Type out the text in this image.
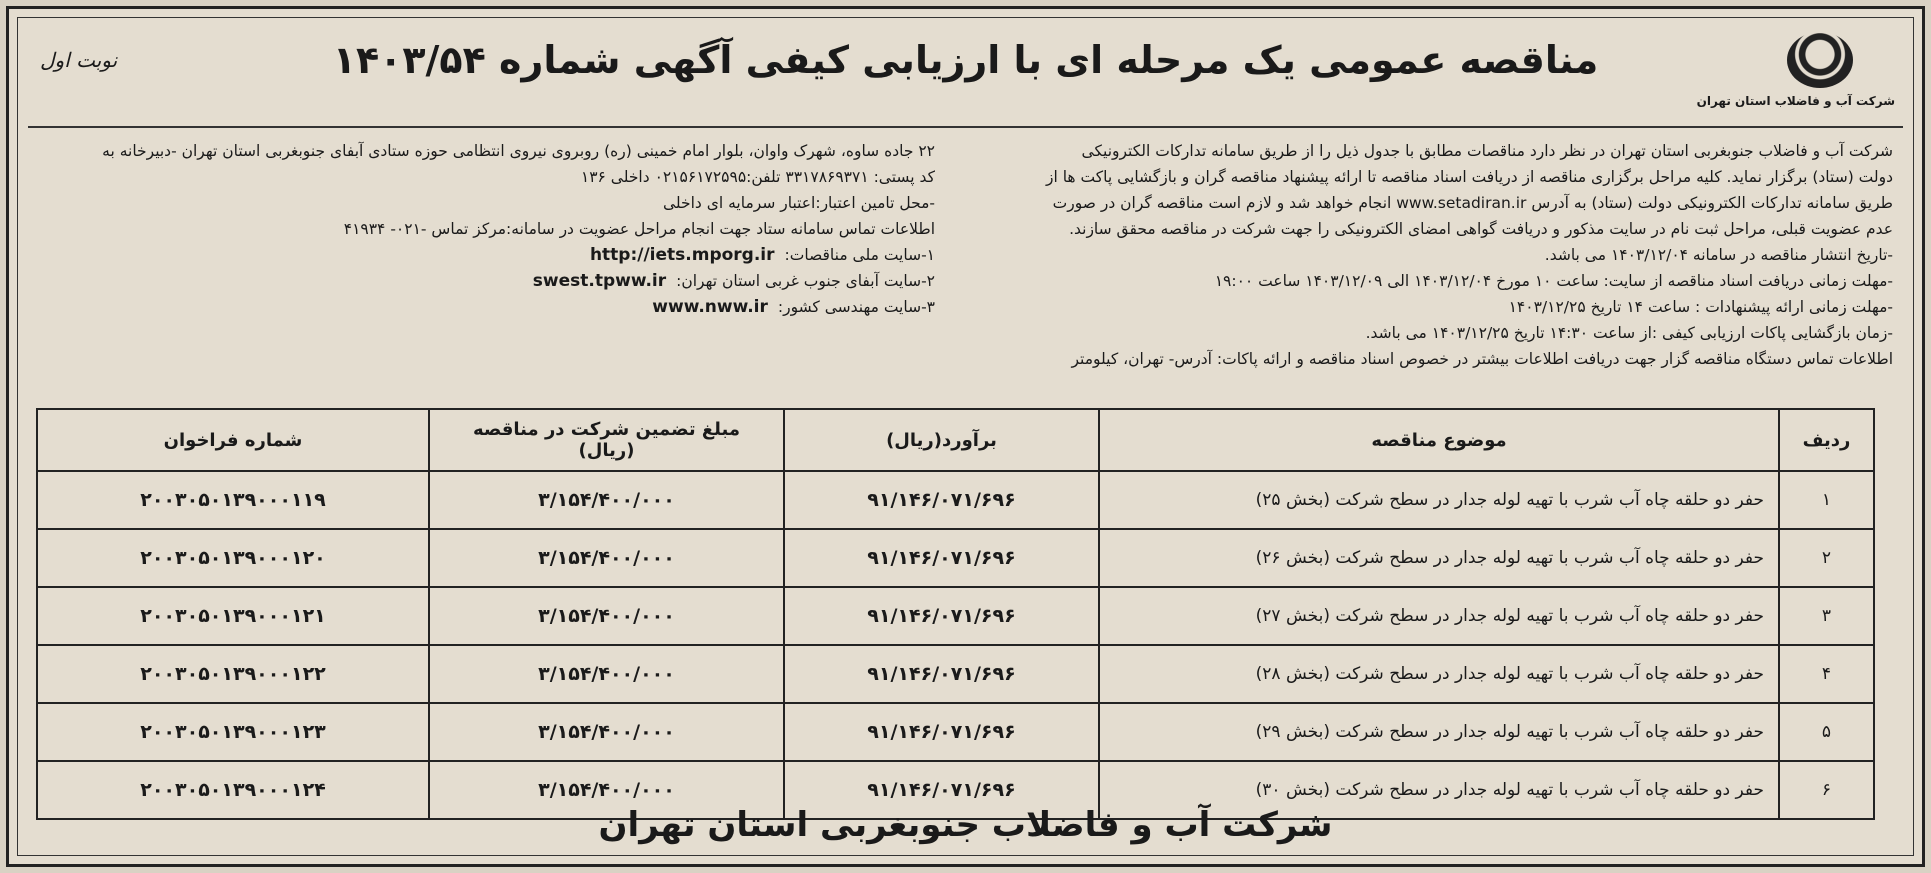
شرکت آب و فاضلاب استان تهران
مناقصه عمومی یک مرحله ای با ارزیابی کیفی آگهی شماره ۱۴۰۳/۵۴
نوبت اول

شرکت آب و فاضلاب جنوبغربی استان تهران در نظر دارد مناقصات مطابق با جدول ذیل را از طریق سامانه تدارکات الکترونیکی

دولت (ستاد) برگزار نماید. کلیه مراحل برگزاری مناقصه از دریافت اسناد مناقصه تا ارائه پیشنهاد مناقصه گران و بازگشایی پاکت ها از

طریق سامانه تدارکات الکترونیکی دولت (ستاد) به آدرس www.setadiran.ir انجام خواهد شد و لازم است مناقصه گران در صورت

عدم عضویت قبلی، مراحل ثبت نام در سایت مذکور و دریافت گواهی امضای الکترونیکی را جهت شرکت در مناقصه محقق سازند.

-تاریخ انتشار مناقصه در سامانه ۱۴۰۳/۱۲/۰۴ می باشد.

-مهلت زمانی دریافت اسناد مناقصه از سایت: ساعت ۱۰ مورخ ۱۴۰۳/۱۲/۰۴ الی ۱۴۰۳/۱۲/۰۹ ساعت ۱۹:۰۰

-مهلت زمانی ارائه پیشنهادات : ساعت ۱۴ تاریخ ۱۴۰۳/۱۲/۲۵

-زمان بازگشایی پاکات ارزیابی کیفی :از ساعت ۱۴:۳۰ تاریخ ۱۴۰۳/۱۲/۲۵ می باشد.

اطلاعات تماس دستگاه مناقصه گزار جهت دریافت اطلاعات بیشتر در خصوص اسناد مناقصه و ارائه پاکات: آدرس- تهران، کیلومتر

۲۲ جاده ساوه، شهرک واوان، بلوار امام خمینی (ره) روبروی نیروی انتظامی حوزه ستادی آبفای جنوبغربی استان تهران -دبیرخانه به

کد پستی: ۳۳۱۷۸۶۹۳۷۱ تلفن:۰۲۱۵۶۱۷۲۵۹۵ داخلی ۱۳۶

-محل تامین اعتبار:اعتبار سرمایه ای داخلی

اطلاعات تماس سامانه ستاد جهت انجام مراحل عضویت در سامانه:مرکز تماس -۰۲۱- ۴۱۹۳۴

۱-سایت ملی مناقصات:
http://iets.mporg.ir
۲-سایت آبفای جنوب غربی استان تهران:
swest.tpww.ir
۳-سایت مهندسی کشور:
www.nww.ir
ردیف	موضوع مناقصه	برآورد(ریال)	مبلغ تضمین شرکت در مناقصه (ریال)	شماره فراخوان
۱	حفر دو حلقه چاه آب شرب با تهیه لوله جدار در سطح شرکت (بخش ۲۵)	۹۱/۱۴۶/۰۷۱/۶۹۶	۳/۱۵۴/۴۰۰/۰۰۰	۲۰۰۳۰۵۰۱۳۹۰۰۰۱۱۹
۲	حفر دو حلقه چاه آب شرب با تهیه لوله جدار در سطح شرکت (بخش ۲۶)	۹۱/۱۴۶/۰۷۱/۶۹۶	۳/۱۵۴/۴۰۰/۰۰۰	۲۰۰۳۰۵۰۱۳۹۰۰۰۱۲۰
۳	حفر دو حلقه چاه آب شرب با تهیه لوله جدار در سطح شرکت (بخش ۲۷)	۹۱/۱۴۶/۰۷۱/۶۹۶	۳/۱۵۴/۴۰۰/۰۰۰	۲۰۰۳۰۵۰۱۳۹۰۰۰۱۲۱
۴	حفر دو حلقه چاه آب شرب با تهیه لوله جدار در سطح شرکت (بخش ۲۸)	۹۱/۱۴۶/۰۷۱/۶۹۶	۳/۱۵۴/۴۰۰/۰۰۰	۲۰۰۳۰۵۰۱۳۹۰۰۰۱۲۲
۵	حفر دو حلقه چاه آب شرب با تهیه لوله جدار در سطح شرکت (بخش ۲۹)	۹۱/۱۴۶/۰۷۱/۶۹۶	۳/۱۵۴/۴۰۰/۰۰۰	۲۰۰۳۰۵۰۱۳۹۰۰۰۱۲۳
۶	حفر دو حلقه چاه آب شرب با تهیه لوله جدار در سطح شرکت (بخش ۳۰)	۹۱/۱۴۶/۰۷۱/۶۹۶	۳/۱۵۴/۴۰۰/۰۰۰	۲۰۰۳۰۵۰۱۳۹۰۰۰۱۲۴
شرکت آب و فاضلاب جنوبغربی استان تهران
